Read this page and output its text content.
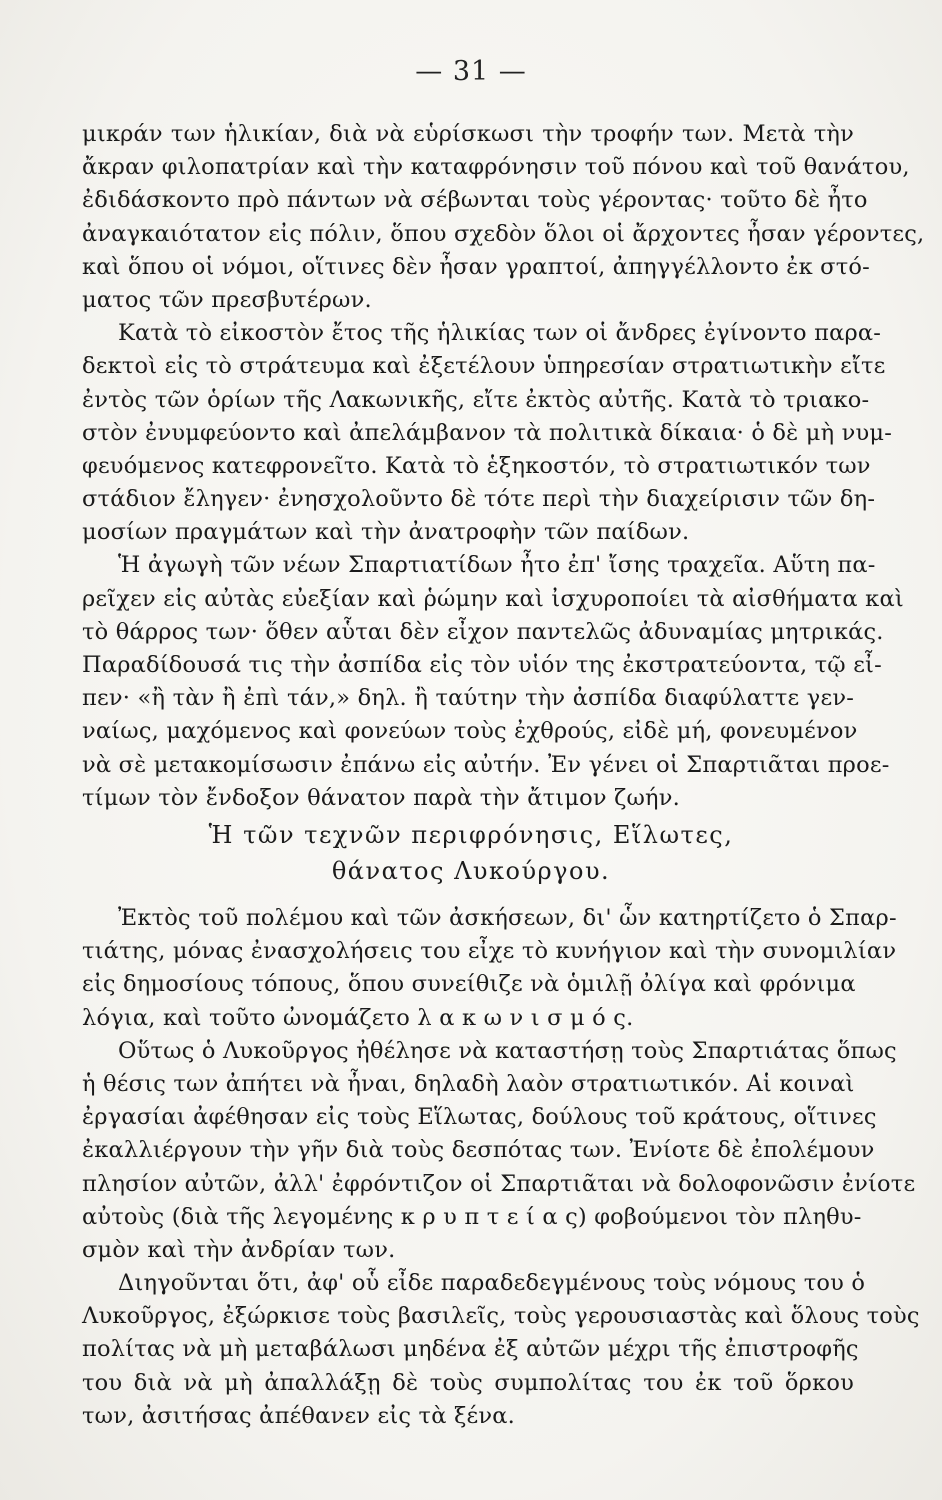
— 31 —
μικράν των ἡλικίαν, διὰ νὰ εὑρίσκωσι τὴν τροφήν των. Μετὰ τὴν
ἄκραν φιλοπατρίαν καὶ τὴν καταφρόνησιν τοῦ πόνου καὶ τοῦ θανάτου,
ἐδιδάσκοντο πρὸ πάντων νὰ σέβωνται τοὺς γέροντας· τοῦτο δὲ ἦτο
ἀναγκαιότατον εἰς πόλιν, ὅπου σχεδὸν ὅλοι οἱ ἄρχοντες ἦσαν γέροντες,
καὶ ὅπου οἱ νόμοι, οἵτινες δὲν ἦσαν γραπτοί, ἀπηγγέλλοντο ἐκ στό-
ματος τῶν πρεσβυτέρων.
Κατὰ τὸ εἰκοστὸν ἔτος τῆς ἡλικίας των οἱ ἄνδρες ἐγίνοντο παρα-
δεκτοὶ εἰς τὸ στράτευμα καὶ ἐξετέλουν ὑπηρεσίαν στρατιωτικὴν εἴτε
ἐντὸς τῶν ὁρίων τῆς Λακωνικῆς, εἴτε ἐκτὸς αὐτῆς. Κατὰ τὸ τριακο-
στὸν ἐνυμφεύοντο καὶ ἀπελάμβανον τὰ πολιτικὰ δίκαια· ὁ δὲ μὴ νυμ-
φευόμενος κατεφρονεῖτο. Κατὰ τὸ ἑξηκοστόν, τὸ στρατιωτικόν των
στάδιον ἔληγεν· ἐνησχολοῦντο δὲ τότε περὶ τὴν διαχείρισιν τῶν δη-
μοσίων πραγμάτων καὶ τὴν ἀνατροφὴν τῶν παίδων.
Ἡ ἀγωγὴ τῶν νέων Σπαρτιατίδων ἦτο ἐπ' ἴσης τραχεῖα. Αὕτη πα-
ρεῖχεν εἰς αὐτὰς εὐεξίαν καὶ ῥώμην καὶ ἰσχυροποίει τὰ αἰσθήματα καὶ
τὸ θάρρος των· ὅθεν αὗται δὲν εἶχον παντελῶς ἀδυναμίας μητρικάς.
Παραδίδουσά τις τὴν ἀσπίδα εἰς τὸν υἱόν της ἐκστρατεύοντα, τῷ εἶ-
πεν· «ἢ τὰν ἢ ἐπὶ τάν,» δηλ. ἢ ταύτην τὴν ἀσπίδα διαφύλαττε γεν-
ναίως, μαχόμενος καὶ φονεύων τοὺς ἐχθρούς, εἰδὲ μή, φονευμένον
νὰ σὲ μετακομίσωσιν ἐπάνω εἰς αὐτήν. Ἐν γένει οἱ Σπαρτιᾶται προε-
τίμων τὸν ἔνδοξον θάνατον παρὰ τὴν ἄτιμον ζωήν.
Ἡ τῶν τεχνῶν περιφρόνησις, Εἵλωτες,
θάνατος Λυκούργου.
Ἐκτὸς τοῦ πολέμου καὶ τῶν ἀσκήσεων, δι' ὧν κατηρτίζετο ὁ Σπαρ-
τιάτης, μόνας ἐνασχολήσεις του εἶχε τὸ κυνήγιον καὶ τὴν συνομιλίαν
εἰς δημοσίους τόπους, ὅπου συνείθιζε νὰ ὁμιλῇ ὀλίγα καὶ φρόνιμα
λόγια, καὶ τοῦτο ὠνομάζετο λ α κ ω ν ι σ μ ό ς.
Οὕτως ὁ Λυκοῦργος ἠθέλησε νὰ καταστήσῃ τοὺς Σπαρτιάτας ὅπως
ἡ θέσις των ἀπήτει νὰ ἦναι, δηλαδὴ λαὸν στρατιωτικόν. Αἱ κοιναὶ
ἐργασίαι ἀφέθησαν εἰς τοὺς Εἵλωτας, δούλους τοῦ κράτους, οἵτινες
ἐκαλλιέργουν τὴν γῆν διὰ τοὺς δεσπότας των. Ἐνίοτε δὲ ἐπολέμουν
πλησίον αὐτῶν, ἀλλ' ἐφρόντιζον οἱ Σπαρτιᾶται νὰ δολοφονῶσιν ἐνίοτε
αὐτοὺς (διὰ τῆς λεγομένης κ ρ υ π τ ε ί α ς) φοβούμενοι τὸν πληθυ-
σμὸν καὶ τὴν ἀνδρίαν των.
Διηγοῦνται ὅτι, ἀφ' οὗ εἶδε παραδεδεγμένους τοὺς νόμους του ὁ
Λυκοῦργος, ἐξώρκισε τοὺς βασιλεῖς, τοὺς γερουσιαστὰς καὶ ὅλους τοὺς
πολίτας νὰ μὴ μεταβάλωσι μηδένα ἐξ αὐτῶν μέχρι τῆς ἐπιστροφῆς
του διὰ νὰ μὴ ἀπαλλάξῃ δὲ τοὺς συμπολίτας του ἐκ τοῦ ὅρκου
των, ἀσιτήσας ἀπέθανεν εἰς τὰ ξένα.
